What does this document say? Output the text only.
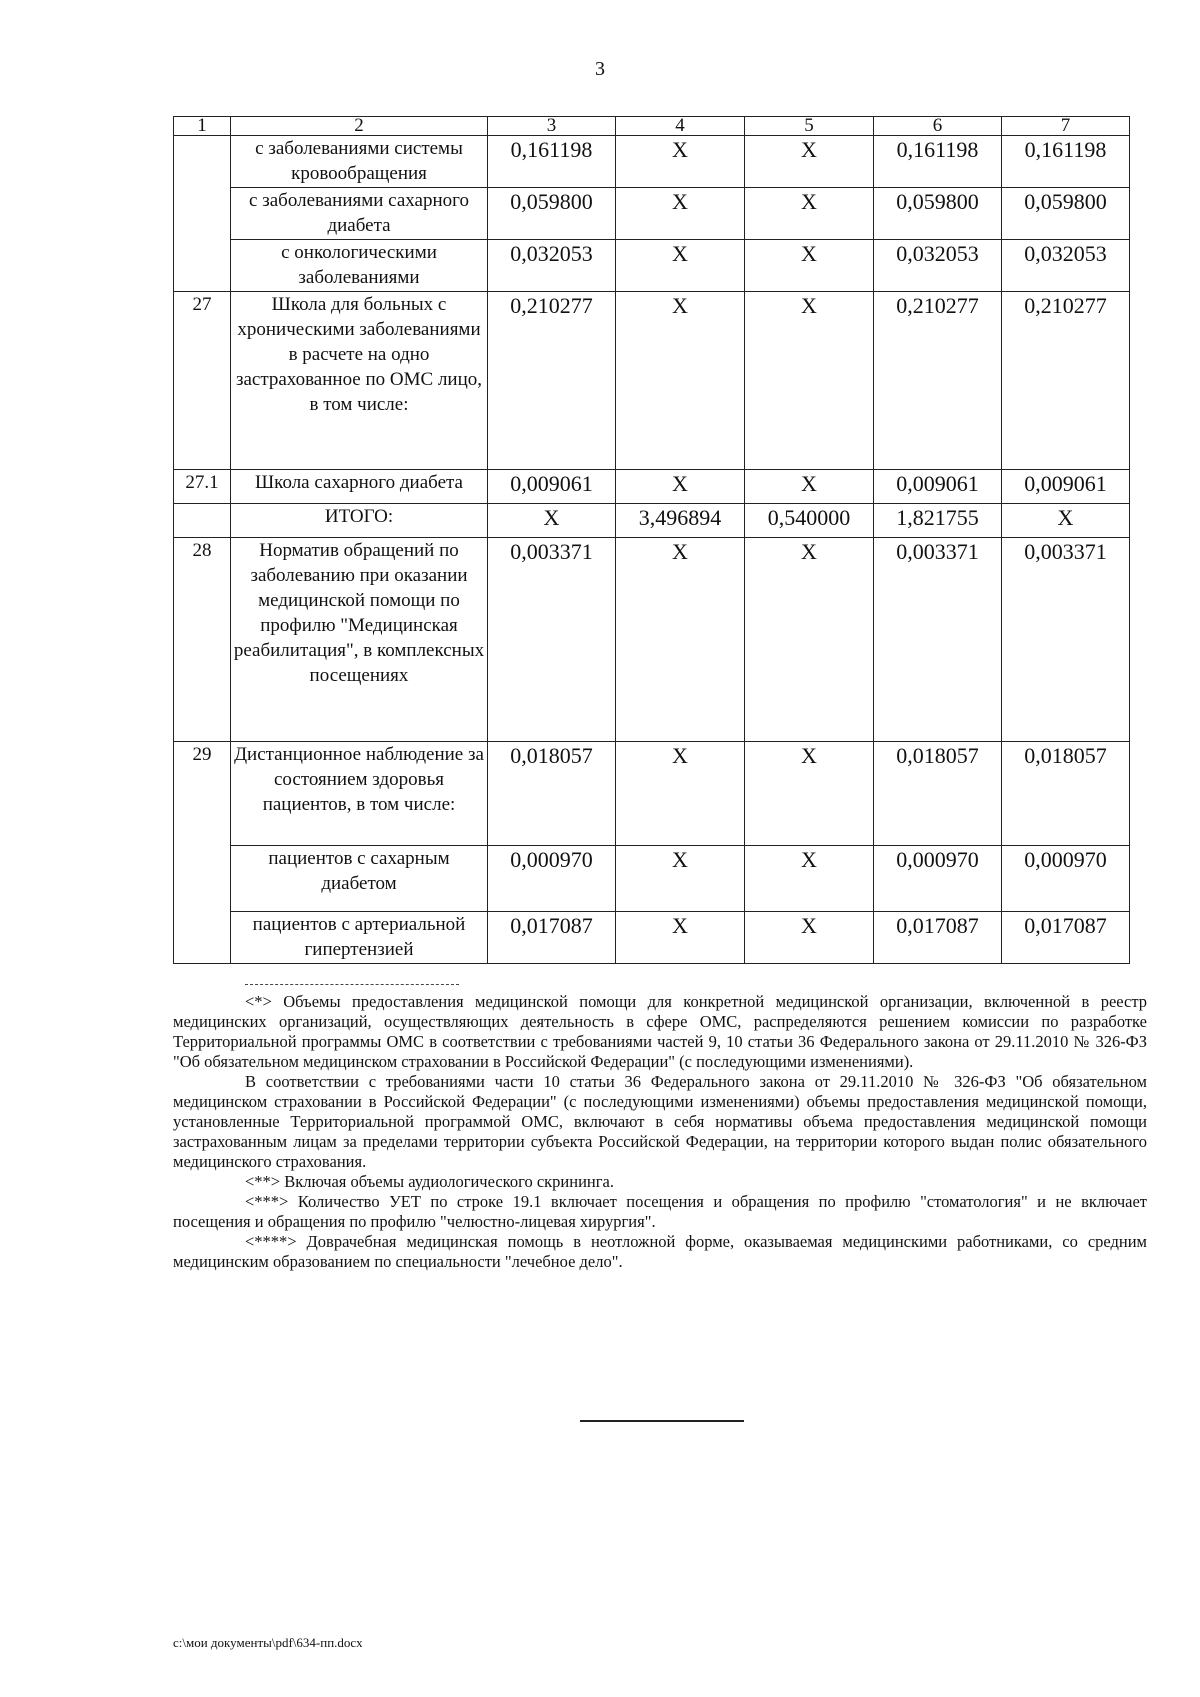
3
1	2	3	4	5	6	7
	с заболеваниями системы кровообращения	0,161198	X	X	0,161198	0,161198
	с заболеваниями сахарного диабета	0,059800	X	X	0,059800	0,059800
	с онкологическими заболеваниями	0,032053	X	X	0,032053	0,032053
27	Школа для больных с хроническими заболеваниями в расчете на одно застрахованное по ОМС лицо, в том числе:	0,210277	X	X	0,210277	0,210277
27.1	Школа сахарного диабета	0,009061	X	X	0,009061	0,009061
	ИТОГО:	X	3,496894	0,540000	1,821755	X
28	Норматив обращений по заболеванию при оказании медицинской помощи по профилю "Медицинская реабилитация", в комплексных посещениях	0,003371	X	X	0,003371	0,003371
29	Дистанционное наблюдение за состоянием здоровья пациентов, в том числе:	0,018057	X	X	0,018057	0,018057
	пациентов с сахарным диабетом	0,000970	X	X	0,000970	0,000970
	пациентов с артериальной гипертензией	0,017087	X	X	0,017087	0,017087

<*> Объемы предоставления медицинской помощи для конкретной медицинской организации, включенной в реестр медицинских организаций, осуществляющих деятельность в сфере ОМС, распределяются решением комиссии по разработке Территориальной программы ОМС в соответствии с требованиями частей 9, 10 статьи 36 Федерального закона от 29.11.2010 № 326-ФЗ "Об обязательном медицинском страховании в Российской Федерации" (с последующими изменениями).

В соответствии с требованиями части 10 статьи 36 Федерального закона от 29.11.2010 № 326-ФЗ "Об обязательном медицинском страховании в Российской Федерации" (с последующими изменениями) объемы предоставления медицинской помощи, установленные Территориальной программой ОМС, включают в себя нормативы объема предоставления медицинской помощи застрахованным лицам за пределами территории субъекта Российской Федерации, на территории которого выдан полис обязательного медицинского страхования.

<**> Включая объемы аудиологического скрининга.

<***> Количество УЕТ по строке 19.1 включает посещения и обращения по профилю "стоматология" и не включает посещения и обращения по профилю "челюстно-лицевая хирургия".

<****> Доврачебная медицинская помощь в неотложной форме, оказываемая медицинскими работниками, со средним медицинским образованием по специальности "лечебное дело".

c:\мои документы\pdf\634-пп.docx
